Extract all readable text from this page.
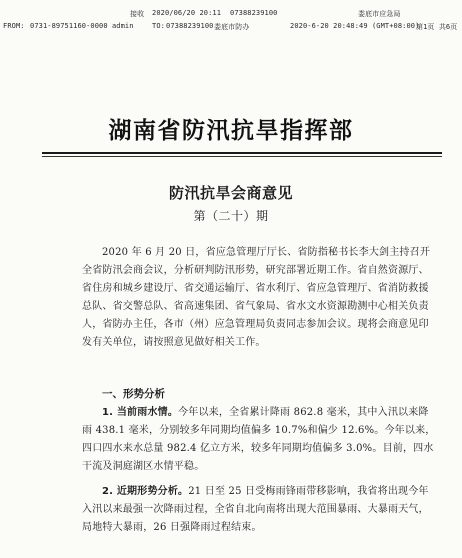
接收 2020/06/20 20:11 07388239100	娄底市应急局
FROM: 0731-89751160-0000 admin	TO: 07388239100 娄底市防办	2020-6-20 20:48:49 (GMT+08:00)
第1页 共6页
湖南省防汛抗旱指挥部
防汛抗旱会商意见
第（二十）期
2020 年 6 月 20 日，省应急管理厅厅长、省防指秘书长李大剑主持召开全省防汛会商会议，分析研判防汛形势，研究部署近期工作。省自然资源厅、省住房和城乡建设厅、省交通运输厅、省水利厅、省应急管理厅、省消防救援总队、省交警总队、省高速集团、省气象局、省水文水资源勘测中心相关负责人，省防办主任，各市（州）应急管理局负责同志参加会议。现将会商意见印发有关单位，请按照意见做好相关工作。
一、形势分析
1. 当前雨水情。今年以来，全省累计降雨 862.8 毫米，其中入汛以来降雨 438.1 毫米，分别较多年同期均值偏多 10.7%和偏少 12.6%。今年以来，四口四水来水总量 982.4 亿立方米，较多年同期均值偏多 3.0%。目前，四水干流及洞庭湖区水情平稳。
2. 近期形势分析。21 日至 25 日受梅雨锋雨带移影响，我省将出现今年入汛以来最强一次降雨过程，全省自北向南将出现大范围暴雨、大暴雨天气，局地特大暴雨，26 日强降雨过程结束。
